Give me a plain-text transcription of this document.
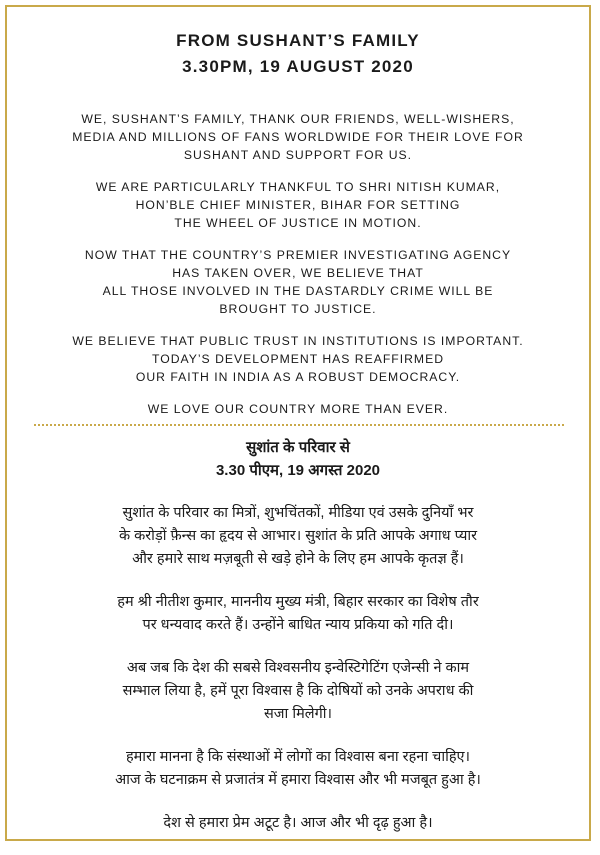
FROM SUSHANT’S FAMILY
3.30PM, 19 AUGUST 2020

WE, SUSHANT’S FAMILY, THANK OUR FRIENDS, WELL-WISHERS,
MEDIA AND MILLIONS OF FANS WORLDWIDE FOR THEIR LOVE FOR
SUSHANT AND SUPPORT FOR US.

WE ARE PARTICULARLY THANKFUL TO SHRI NITISH KUMAR,
HON’BLE CHIEF MINISTER, BIHAR FOR SETTING
THE WHEEL OF JUSTICE IN MOTION.

NOW THAT THE COUNTRY’S PREMIER INVESTIGATING AGENCY
HAS TAKEN OVER, WE BELIEVE THAT
ALL THOSE INVOLVED IN THE DASTARDLY CRIME WILL BE
BROUGHT TO JUSTICE.

WE BELIEVE THAT PUBLIC TRUST IN INSTITUTIONS IS IMPORTANT.
TODAY’S DEVELOPMENT HAS REAFFIRMED
OUR FAITH IN INDIA AS A ROBUST DEMOCRACY.

WE LOVE OUR COUNTRY MORE THAN EVER.

सुशांत के परिवार से
3.30 पीएम, 19 अगस्त 2020

सुशांत के परिवार का मित्रों, शुभचिंतकों, मीडिया एवं उसके दुनियाँ भर
के करोड़ों फ़ैन्स का हृदय से आभार। सुशांत के प्रति आपके अगाध प्यार
और हमारे साथ मज़बूती से खड़े होने के लिए हम आपके कृतज्ञ हैं।

हम श्री नीतीश कुमार, माननीय मुख्य मंत्री, बिहार सरकार का विशेष तौर
पर धन्यवाद करते हैं। उन्होंने बाधित न्याय प्रकिया को गति दी।

अब जब कि देश की सबसे विश्वसनीय इन्वेस्टिगेटिंग एजेन्सी ने काम
सम्भाल लिया है, हमें पूरा विश्वास है कि दोषियों को उनके अपराध की
सजा मिलेगी।

हमारा मानना है कि संस्थाओं में लोगों का विश्वास बना रहना चाहिए।
आज के घटनाक्रम से प्रजातंत्र में हमारा विश्वास और भी मजबूत हुआ है।

देश से हमारा प्रेम अटूट है। आज और भी दृढ़ हुआ है।
